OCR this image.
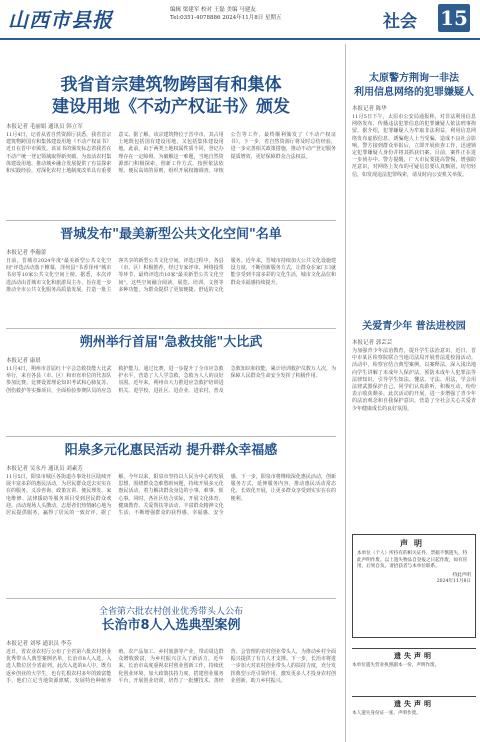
山西市县报	编辑 梁建军 校对 王磊 美编 马建友
Tel:0351-4078886 2024年11月8日 星期五	社会 15
我省首宗建筑物跨国有和集体
建设用地《不动产权证书》颁发
本报记者 毛丽娟 通讯员 韩立军
11月4日，记者从省自然资源厅获悉，我省首宗建筑物跨国有和集体建设用地《不动产权证书》近日在晋中市颁发。该证书的颁发标志着我省在不动产统一登记领域取得新突破，为盘活农村集体建设用地、推动城乡融合发展提供了有益探索和实践经验，对深化农村土地制度改革具有重要意义。据了解，该宗建筑物位于晋中市，其占用土地既包括国有建设用地，又包括集体建设用地。此前，由于两类土地权属性质不同，登记办理存在一定障碍。为破解这一难题，当地自然资源部门积极探索，创新工作方式，按照依法依规、便民高效的原则，组织开展权籍调查、审核公告等工作，最终顺利颁发了《不动产权证书》。下一步，省自然资源厅将及时总结经验，进一步完善相关政策措施，推动不动产登记服务提质增效，更好保障群众合法权益。
晋城发布"最美新型公共文化空间"名单
本报记者 李瀚蕾
日前，晋城市2024年度"最美新型公共文化空间"评选活动落下帷幕，泽州县"书香泽州"城市书房等10家公共文化空间上榜。据悉，本次评选活动由晋城市文化和旅游局主办，旨在进一步推动全市公共文化服务高质量发展，打造一批主客共享的新型公共文化空间。评选过程中，各县（市、区）积极推荐，经过专家评审、网络投票等环节，最终评选出10家"最美新型公共文化空间"。这些空间融合阅读、展览、培训、文创等多种功能，为群众提供了更加便捷、舒适的文化服务。近年来，晋城市持续加大公共文化设施建设力度，不断创新服务方式，让群众在家门口就能享受到丰富多彩的文化生活，城市文化品位和群众幸福感持续提升。
朔州举行首届"急救技能"大比武
本报记者 康晨
11月4日，朔州市首届红十字会急救技能大比武举行，来自各县（市、区）和市直单位的代表队参加比赛。比赛设置理论知识考试和心肺复苏、创伤救护等实操项目，全面检验参赛队员的应急救护能力。通过比赛，进一步提升了全市应急救护水平，营造了人人学急救、急救为人人的良好氛围。近年来，朔州市大力推进应急救护培训进机关、进学校、进社区、进企业、进农村，普及急救知识和技能，累计培训救护员数万人次，为保障人民群众生命安全发挥了积极作用。
阳泉多元化惠民活动 提升群众幸福感
本报记者 吴永丹 通讯员 刘素芳
11月5日，阳泉市城区各街道办事处社区陆续开展丰富多彩的惠民活动，为居民群众送去实实在在的服务。义诊咨询、政策宣讲、便民理发、家电维修、法律援助等服务项目受到居民群众欢迎。活动现场人头攒动，志愿者们热情耐心地为居民提供服务，赢得了居民的一致好评。据了解，今年以来，阳泉市坚持以人民为中心的发展思想，围绕群众急难愁盼问题，持续开展多元化惠民活动，着力解决群众身边的小事、难事、烦心事。同时，各社区结合实际，开展文化体育、健康教育、关爱帮扶等活动，丰富群众精神文化生活，不断增强群众的获得感、幸福感、安全感。下一步，阳泉市将继续深化惠民活动，创新服务方式，延伸服务内容，推动惠民活动常态化、长效化开展，让更多群众享受到实实在在的便利。
全省第六批农村创业优秀带头人公布
长治市8人入选典型案例
本报记者 刘琴 通讯员 李芬
近日，省农业农村厅公布了全省第六批农村创业优秀带头人典型案例名单，长治市8人入选，入选人数位居全省前列。此次入选的8人中，既有返乡创业的大学生，也有扎根农村多年的致富能手，他们立足当地资源禀赋，发展特色种植养殖、农产品加工、乡村旅游等产业，带动周边群众增收致富，为乡村振兴注入了新活力。近年来，长治市高度重视农村创业创新工作，持续优化创业环境，加大政策扶持力度，搭建创业服务平台，开展创业培训，培育了一批懂技术、善经营、会管理的农村创业带头人，为推动乡村全面振兴提供了有力人才支撑。下一步，长治市将进一步加大对农村创业带头人的扶持力度，充分发挥典型示范引领作用，激发更多人才投身农村创业创新，助力乡村振兴。
太原警方荆询一非法
利用信息网络的犯罪嫌疑人
本报记者 陈华
11月5日下午，太原市公安局通报称，对非法利用信息网络发布、传播违法犯罪信息的犯罪嫌疑人依法刑事拘留。据介绍，犯罪嫌疑人为牟取非法利益，利用信息网络发布虚假信息，诱骗他人上当受骗，造成不良社会影响。警方接到群众举报后，立即开展侦查工作，迅速锁定犯罪嫌疑人身份并将其抓获归案。目前，案件正在进一步侦办中。警方提醒，广大市民要提高警惕，增强防范意识，对网络上发布的可疑信息要认真甄别，切勿轻信，如发现违法犯罪线索，请及时向公安机关举报。
关爱青少年 普法进校园
本报记者 郭芸芸
为加强青少年法治教育，提升学生法治意识，近日，晋中市某区检察院联合当地司法局开展普法进校园活动。活动中，检察官结合典型案例，以案释法，深入浅出地向学生讲解了未成年人保护法、预防未成年人犯罪法等法律知识，引导学生知法、懂法、守法、用法，学会用法律武器保护自己。同学们认真聆听，积极互动，纷纷表示收获颇多。此次活动的开展，进一步增强了青少年的法治观念和自我保护意识，营造了全社会关心关爱青少年健康成长的良好氛围。
声明
本单位（个人）所持有的相关证件、票据不慎遗失，特此声明作废。以上遗失物品自登报之日起作废，如有冒用，后果自负。请拾获者与本单位联系。
特此声明
2024年11月8日
遗失声明
本单位遗失营业执照副本一份，声明作废。
遗失声明
本人遗失身份证一张，声明作废。
